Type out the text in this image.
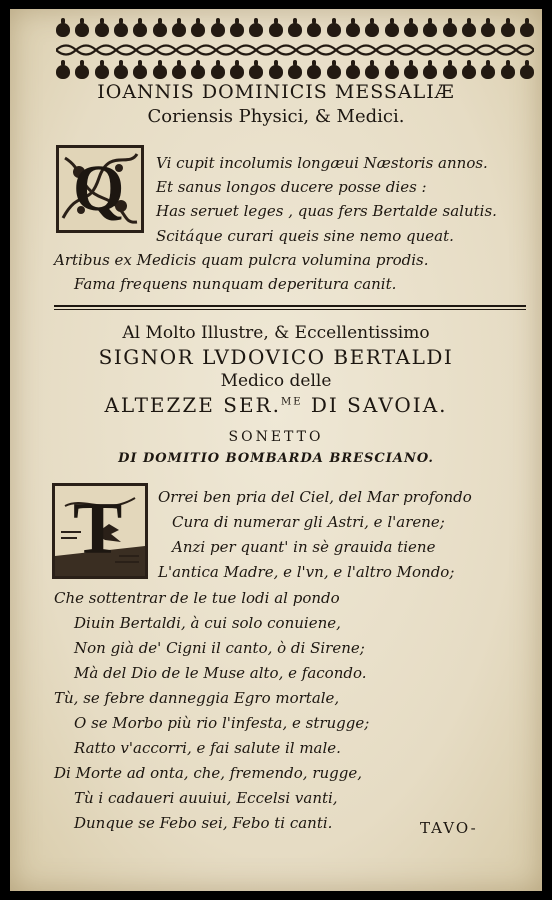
IOANNIS DOMINICIS MESSALIÆ
Coriensis Physici, & Medici.
Q Vi cupit incolumis longæui Næstoris annos.
Et sanus longos ducere posse dies :
Has seruet leges , quas fers Bertalde salutis.
Scitáque curari queis sine nemo queat.
Artibus ex Medicis quam pulcra volumina prodis.
Fama frequens nunquam deperitura canit.
Al Molto Illustre, & Eccellentissimo
SIGNOR LVDOVICO BERTALDI
Medico delle
ALTEZZE SER.$^{ME}$ DI SAVOIA.
SONETTO
DI DOMITIO BOMBARDA BRESCIANO.
T Orrei ben pria del Ciel, del Mar profondo
Cura di numerar gli Astri, e l'arene;
Anzi per quant' in sè grauida tiene
L'antica Madre, e l'vn, e l'altro Mondo;
Che sottentrar de le tue lodi al pondo
Diuin Bertaldi, à cui solo conuiene,
Non già de' Cigni il canto, ò di Sirene;
Mà del Dio de le Muse alto, e facondo.
Tù, se febre danneggia Egro mortale,
O se Morbo più rio l'infesta, e strugge;
Ratto v'accorri, e fai salute il male.
Di Morte ad onta, che, fremendo, rugge,
Tù i cadaueri auuiui, Eccelsi vanti,
Dunque se Febo sei, Febo ti canti.	TAVO-
